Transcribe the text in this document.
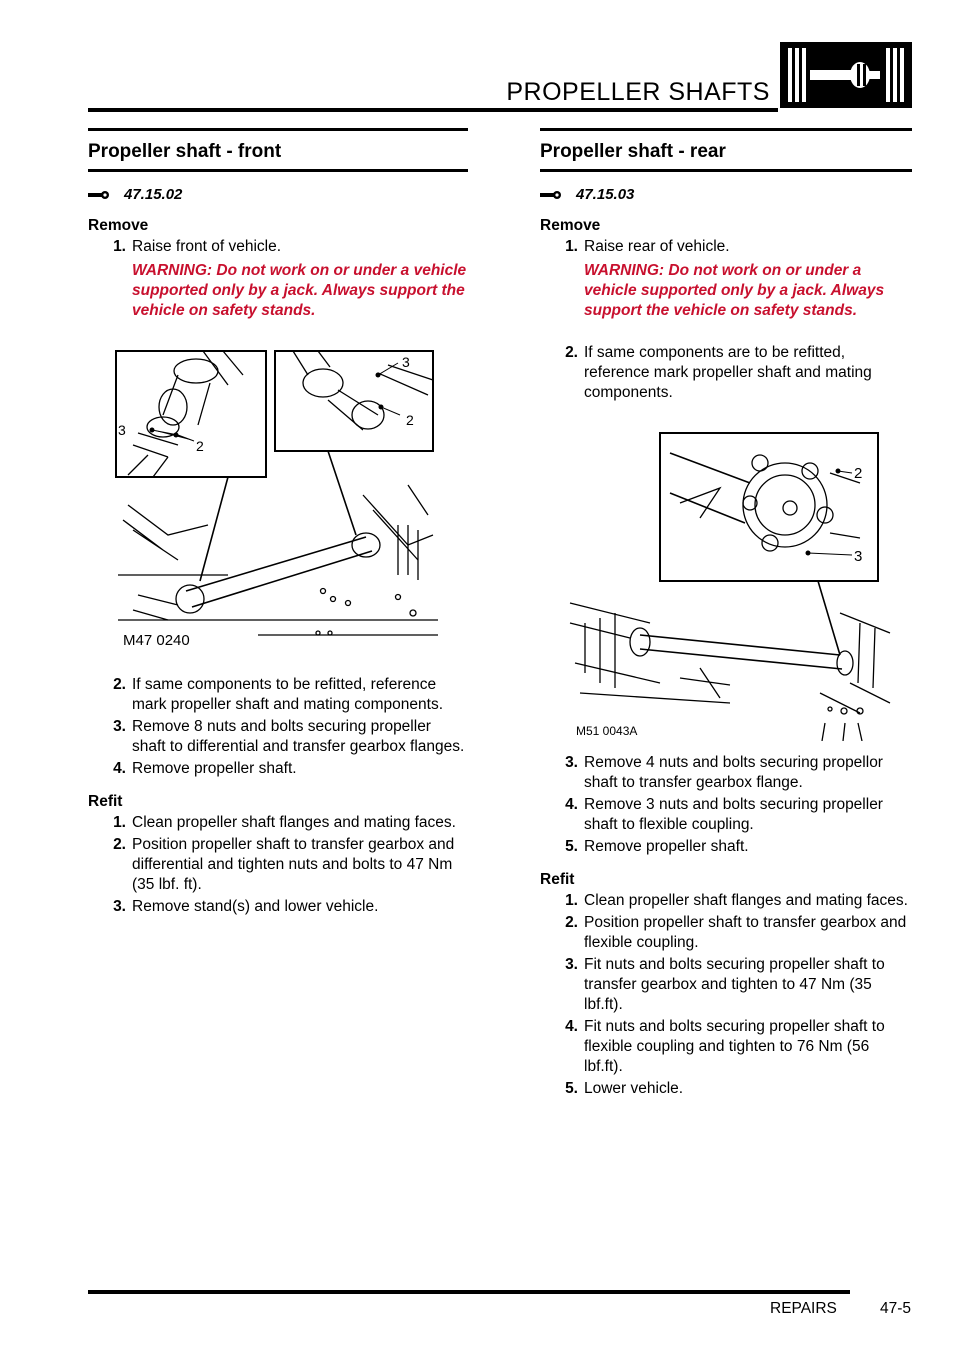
PROPELLER SHAFTS
Propeller shaft - front
47.15.02
Remove
1. Raise front of vehicle.
WARNING: Do not work on or under a vehicle supported only by a jack. Always support the vehicle on safety stands.
3
2
3
2
M47 0240
2. If same components to be refitted, reference mark propeller shaft and mating components.
3. Remove 8 nuts and bolts securing propeller shaft to differential and transfer gearbox flanges.
4. Remove propeller shaft.
Refit
1. Clean propeller shaft flanges and mating faces.
2. Position propeller shaft to transfer gearbox and differential and tighten nuts and bolts to 47 Nm (35 lbf. ft).
3. Remove stand(s) and lower vehicle.
Propeller shaft - rear
47.15.03
Remove
1. Raise rear of vehicle.
WARNING: Do not work on or under a vehicle supported only by a jack. Always support the vehicle on safety stands.
2. If same components are to be refitted, reference mark propeller shaft and mating components.
2
3
M51 0043A
3. Remove 4 nuts and bolts securing propellor shaft to transfer gearbox flange.
4. Remove 3 nuts and bolts securing propeller shaft to flexible coupling.
5. Remove propeller shaft.
Refit
1. Clean propeller shaft flanges and mating faces.
2. Position propeller shaft to transfer gearbox and flexible coupling.
3. Fit nuts and bolts securing propeller shaft to transfer gearbox and tighten to 47 Nm (35 lbf.ft).
4. Fit nuts and bolts securing propeller shaft to flexible coupling and tighten to 76 Nm (56 lbf.ft).
5. Lower vehicle.
REPAIRS	47-5
